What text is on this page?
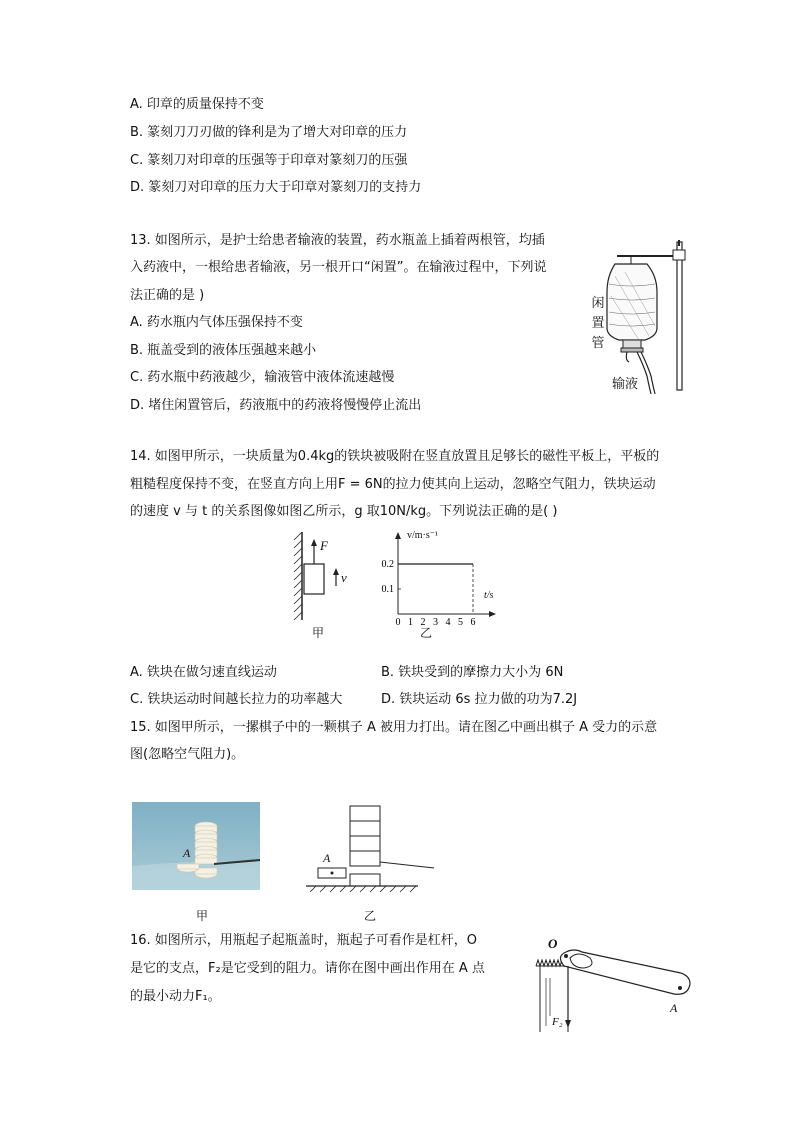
A. 印章的质量保持不变
B. 篆刻刀刀刃做的锋利是为了增大对印章的压力
C. 篆刻刀对印章的压强等于印章对篆刻刀的压强
D. 篆刻刀对印章的压力大于印章对篆刻刀的支持力
13. 如图所示，是护士给患者输液的装置，药水瓶盖上插着两根管，均插
入药液中，一根给患者输液，另一根开口“闲置”。在输液过程中，下列说
法正确的是 )
A. 药水瓶内气体压强保持不变
B. 瓶盖受到的液体压强越来越小
C. 药水瓶中药液越少，输液管中液体流速越慢
D. 堵住闲置管后，药液瓶中的药液将慢慢停止流出
闲
置
管
输液
14. 如图甲所示，一块质量为0.4kg的铁块被吸附在竖直放置且足够长的磁性平板上，平板的
粗糙程度保持不变，在竖直方向上用F = 6N的拉力使其向上运动，忽略空气阻力，铁块运动
的速度 v 与 t 的关系图像如图乙所示，g 取10N/kg。下列说法正确的是( )
F
v
甲
0 1 2 3 4 5 6
0.1
0.2
v/m·s⁻¹
t/s
乙
A. 铁块在做匀速直线运动	B. 铁块受到的摩擦力大小为 6N
C. 铁块运动时间越长拉力的功率越大	D. 铁块运动 6s 拉力做的功为7.2J
15. 如图甲所示，一摞棋子中的一颗棋子 A 被用力打出。请在图乙中画出棋子 A 受力的示意
图(忽略空气阻力)。
A	A
甲	乙
16. 如图所示，用瓶起子起瓶盖时，瓶起子可看作是杠杆，O
是它的支点，F₂是它受到的阻力。请你在图中画出作用在 A 点
的最小动力F₁。
O
A
F₂
